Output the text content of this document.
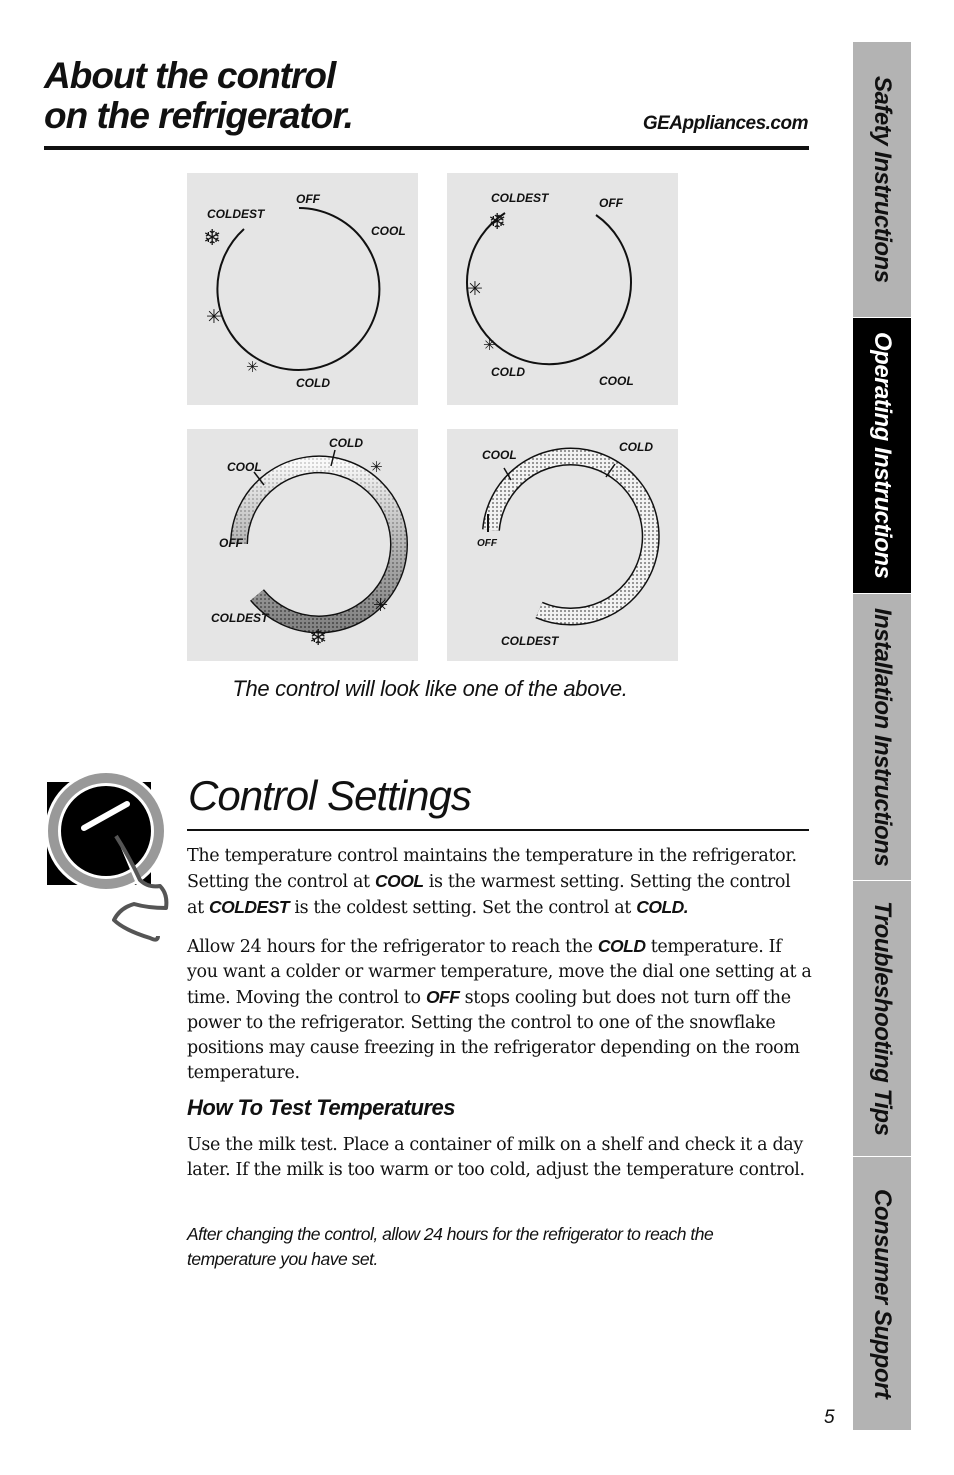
About the control
on the refrigerator.	GEAppliances.com
OFF
COOL
COLD
COLDEST
❄
✳
✳
COLDEST	OFF
COLD
COOL
❄
✳
✳
COLD
COOL
OFF
COLDEST
✳
✳
❄
COOL
COLD
OFF
COLDEST
The control will look like one of the above.
Control Settings
The temperature control maintains the temperature in the refrigerator. Setting the control at COOL is the warmest setting. Setting the control at COLDEST is the coldest setting. Set the control at COLD.
Allow 24 hours for the refrigerator to reach the COLD temperature. If you want a colder or warmer temperature, move the dial one setting at a time. Moving the control to OFF stops cooling but does not turn off the power to the refrigerator. Setting the control to one of the snowflake positions may cause freezing in the refrigerator depending on the room temperature.
How To Test Temperatures
Use the milk test. Place a container of milk on a shelf and check it a day later. If the milk is too warm or too cold, adjust the temperature control.
After changing the control, allow 24 hours for the refrigerator to reach the temperature you have set.
5
Safety Instructions
Operating Instructions
Installation Instructions
Troubleshooting Tips
Consumer Support
